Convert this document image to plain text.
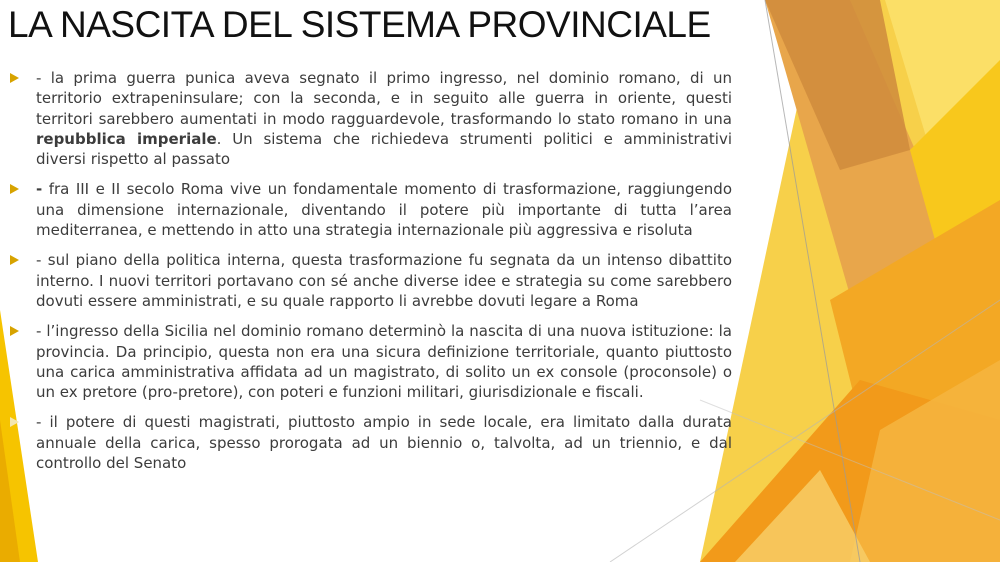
LA NASCITA DEL SISTEMA PROVINCIALE
- la prima guerra punica aveva segnato il primo ingresso, nel dominio romano, di un territorio extrapeninsulare; con la seconda, e in seguito alle guerra in oriente, questi territori sarebbero aumentati in modo ragguardevole, trasformando lo stato romano in una repubblica imperiale. Un sistema che richiedeva strumenti politici e amministrativi diversi rispetto al passato
- fra III e II secolo Roma vive un fondamentale momento di trasformazione, raggiungendo una dimensione internazionale, diventando il potere più importante di tutta l’area mediterranea, e mettendo in atto una strategia internazionale più aggressiva e risoluta
- sul piano della politica interna, questa trasformazione fu segnata da un intenso dibattito interno. I nuovi territori portavano con sé anche diverse idee e strategia su come sarebbero dovuti essere amministrati, e su quale rapporto li avrebbe dovuti legare a Roma
- l’ingresso della Sicilia nel dominio romano determinò la nascita di una nuova istituzione: la provincia. Da principio, questa non era una sicura definizione territoriale, quanto piuttosto una carica amministrativa affidata ad un magistrato, di solito un ex console (proconsole) o un ex pretore (pro-pretore), con poteri e funzioni militari, giurisdizionale e fiscali.
- il potere di questi magistrati, piuttosto ampio in sede locale, era limitato dalla durata annuale della carica, spesso prorogata ad un biennio o, talvolta, ad un triennio, e dal controllo del Senato
